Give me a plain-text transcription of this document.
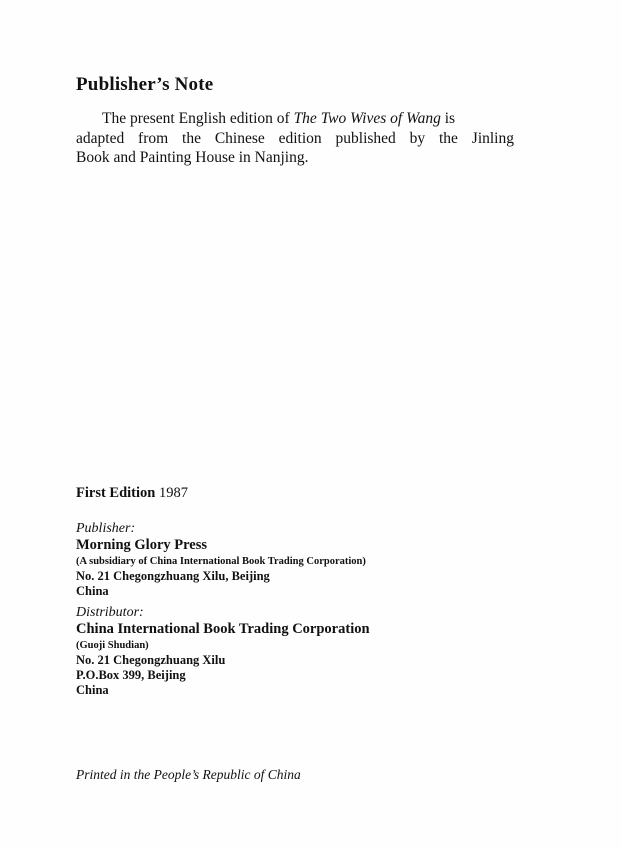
Publisher’s Note
The present English edition of The Two Wives of Wang is
adapted from the Chinese edition published by the Jinling
Book and Painting House in Nanjing.
First Edition 1987
Publisher:
Morning Glory Press
(A subsidiary of China International Book Trading Corporation)
No. 21 Chegongzhuang Xilu, Beijing
China
Distributor:
China International Book Trading Corporation
(Guoji Shudian)
No. 21 Chegongzhuang Xilu
P.O.Box 399, Beijing
China
Printed in the People’s Republic of China
